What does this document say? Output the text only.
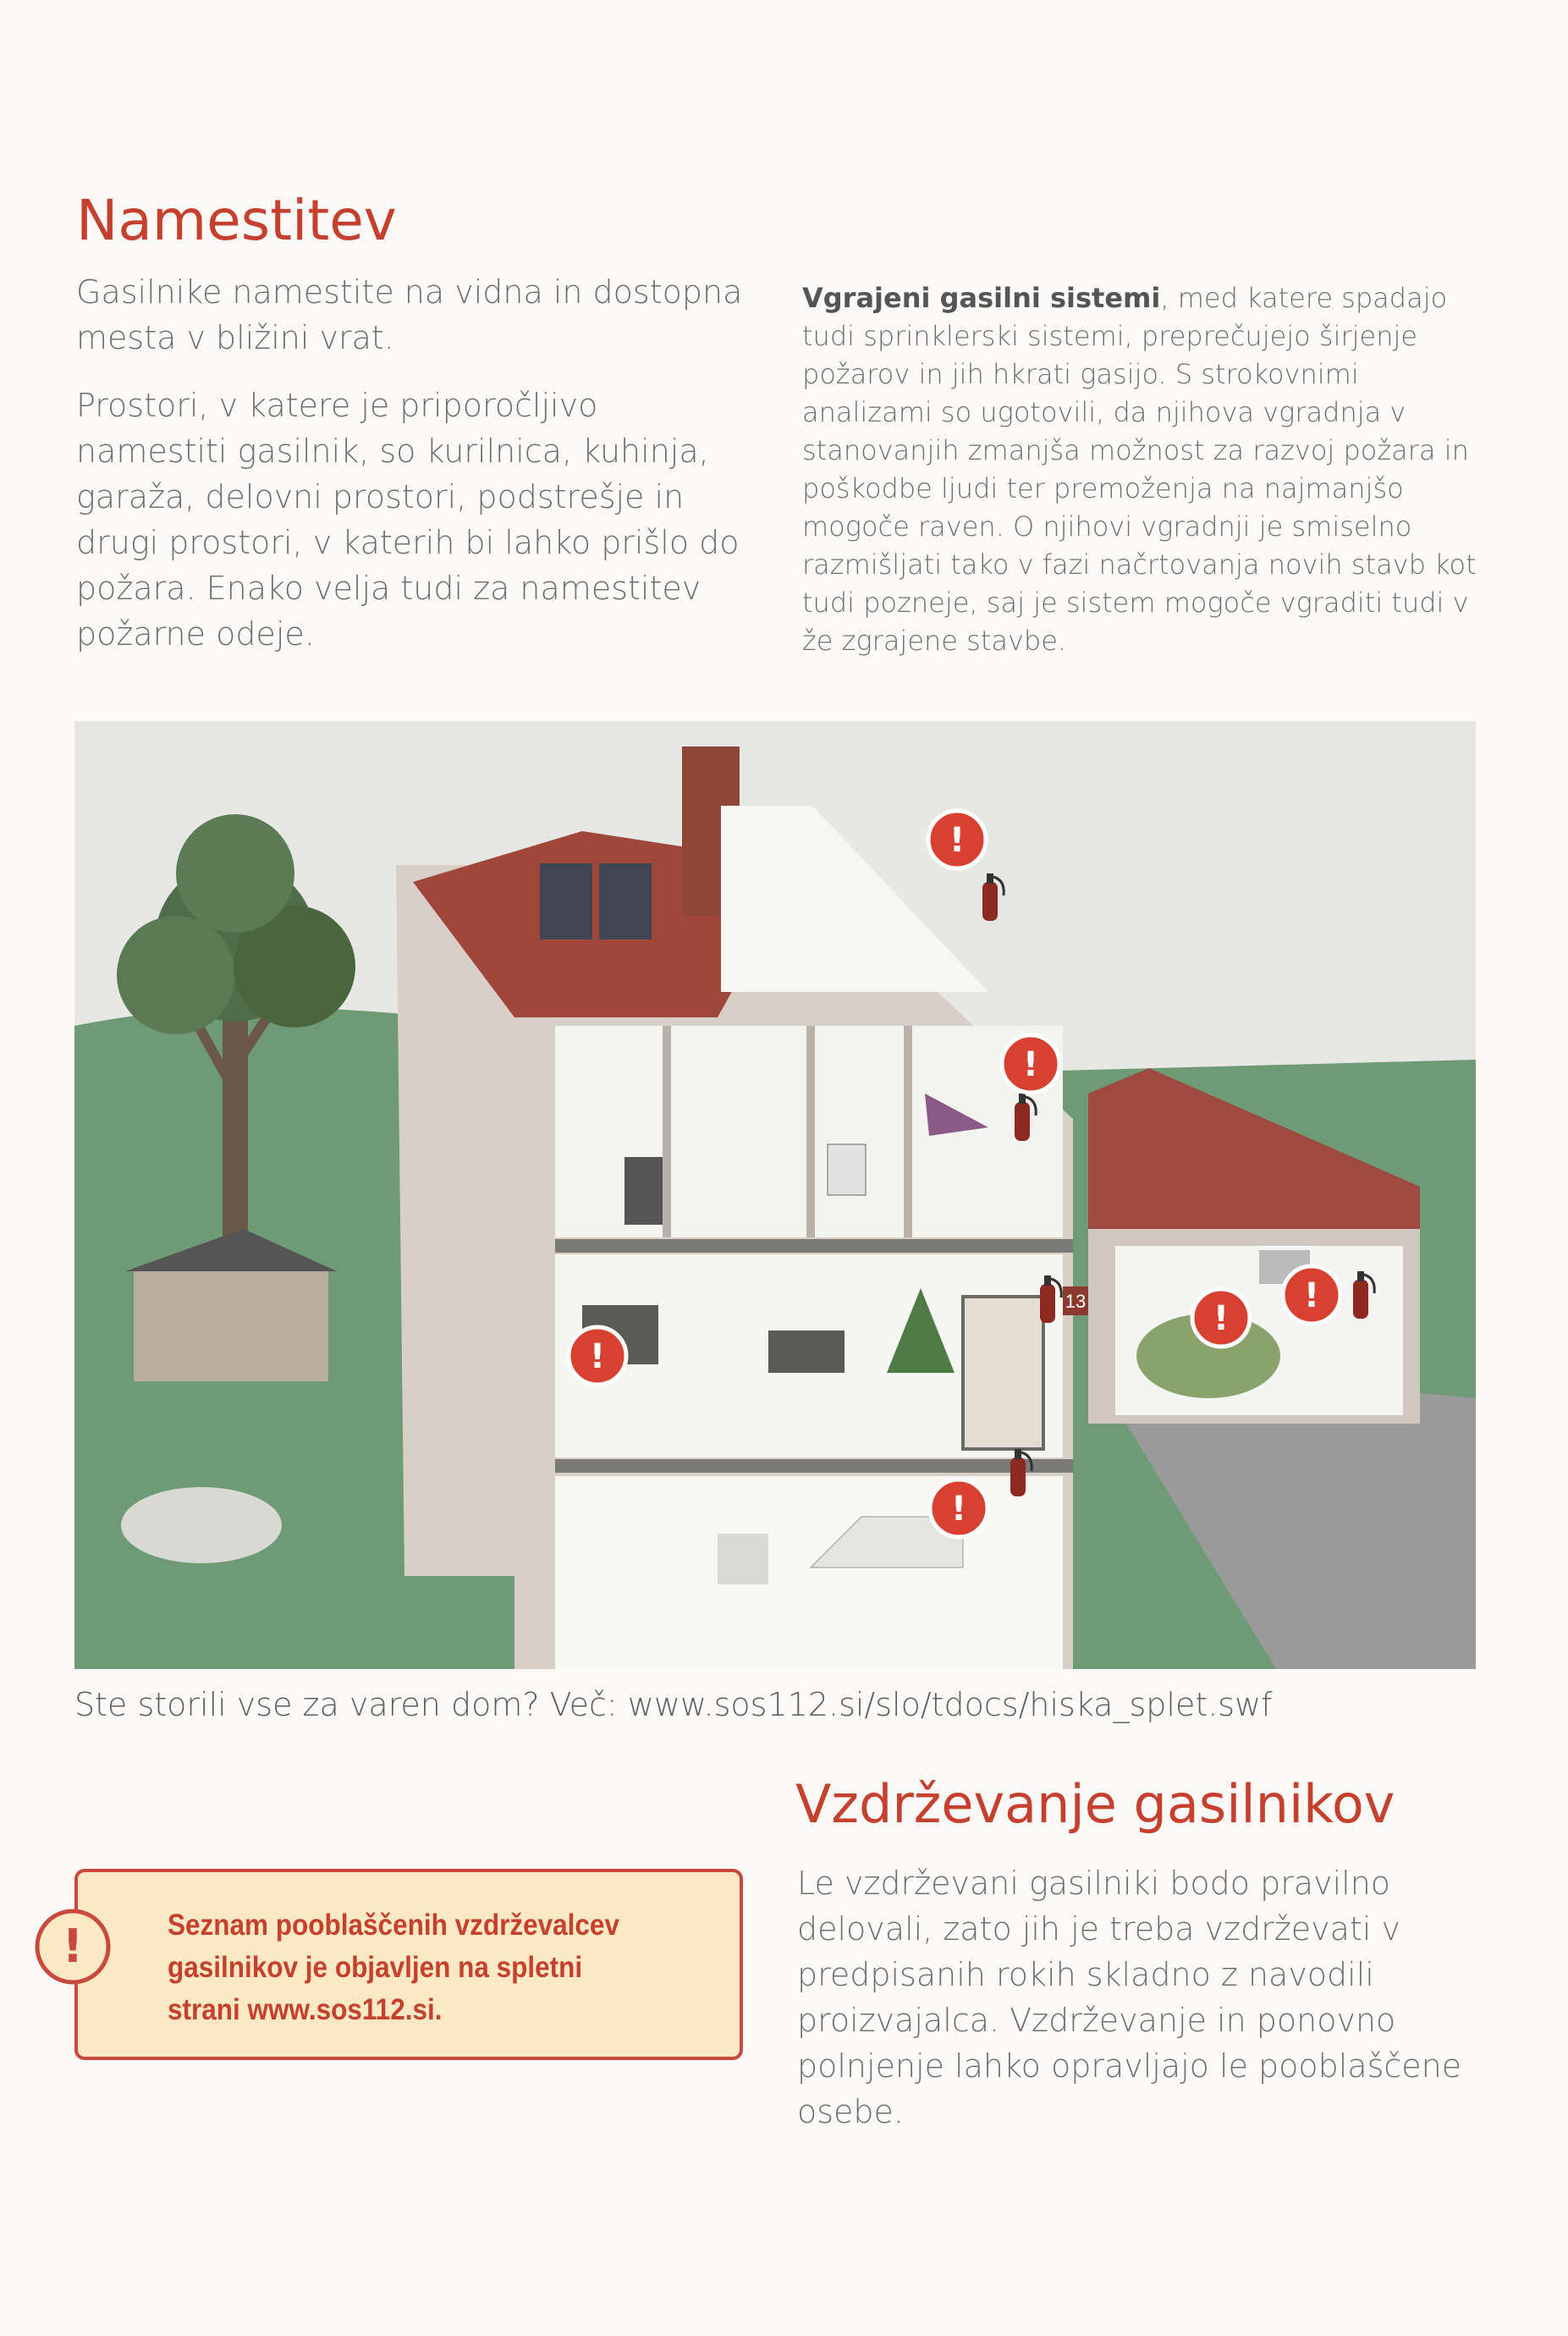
Namestitev

Gasilnike namestite na vidna in dostopna mesta v bližini vrat.

Prostori, v katere je priporočljivo namestiti gasilnik, so kurilnica, kuhinja, garaža, delovni prostori, podstrešje in drugi prostori, v katerih bi lahko prišlo do požara. Enako velja tudi za namestitev požarne odeje.

Vgrajeni gasilni sistemi, med katere spadajo tudi sprinklerski sistemi, preprečujejo širjenje požarov in jih hkrati gasijo. S strokovnimi analizami so ugotovili, da njihova vgradnja v stanovanjih zmanjša možnost za razvoj požara in poškodbe ljudi ter premoženja na najmanjšo mogoče raven. O njihovi vgradnji je smiselno razmišljati tako v fazi načrtovanja novih stavb kot tudi pozneje, saj je sistem mogoče vgraditi tudi v že zgrajene stavbe.

13
!
!
!
!
!
!

Ste storili vse za varen dom? Več: www.sos112.si/slo/tdocs/hiska_splet.swf

Vzdrževanje gasilnikov

Le vzdrževani gasilniki bodo pravilno delovali, zato jih je treba vzdrževati v predpisanih rokih skladno z navodili proizvajalca. Vzdrževanje in ponovno polnjenje lahko opravljajo le pooblaščene osebe.

!	Seznam pooblaščenih vzdrževalcev gasilnikov je objavljen na spletni strani www.sos112.si.
